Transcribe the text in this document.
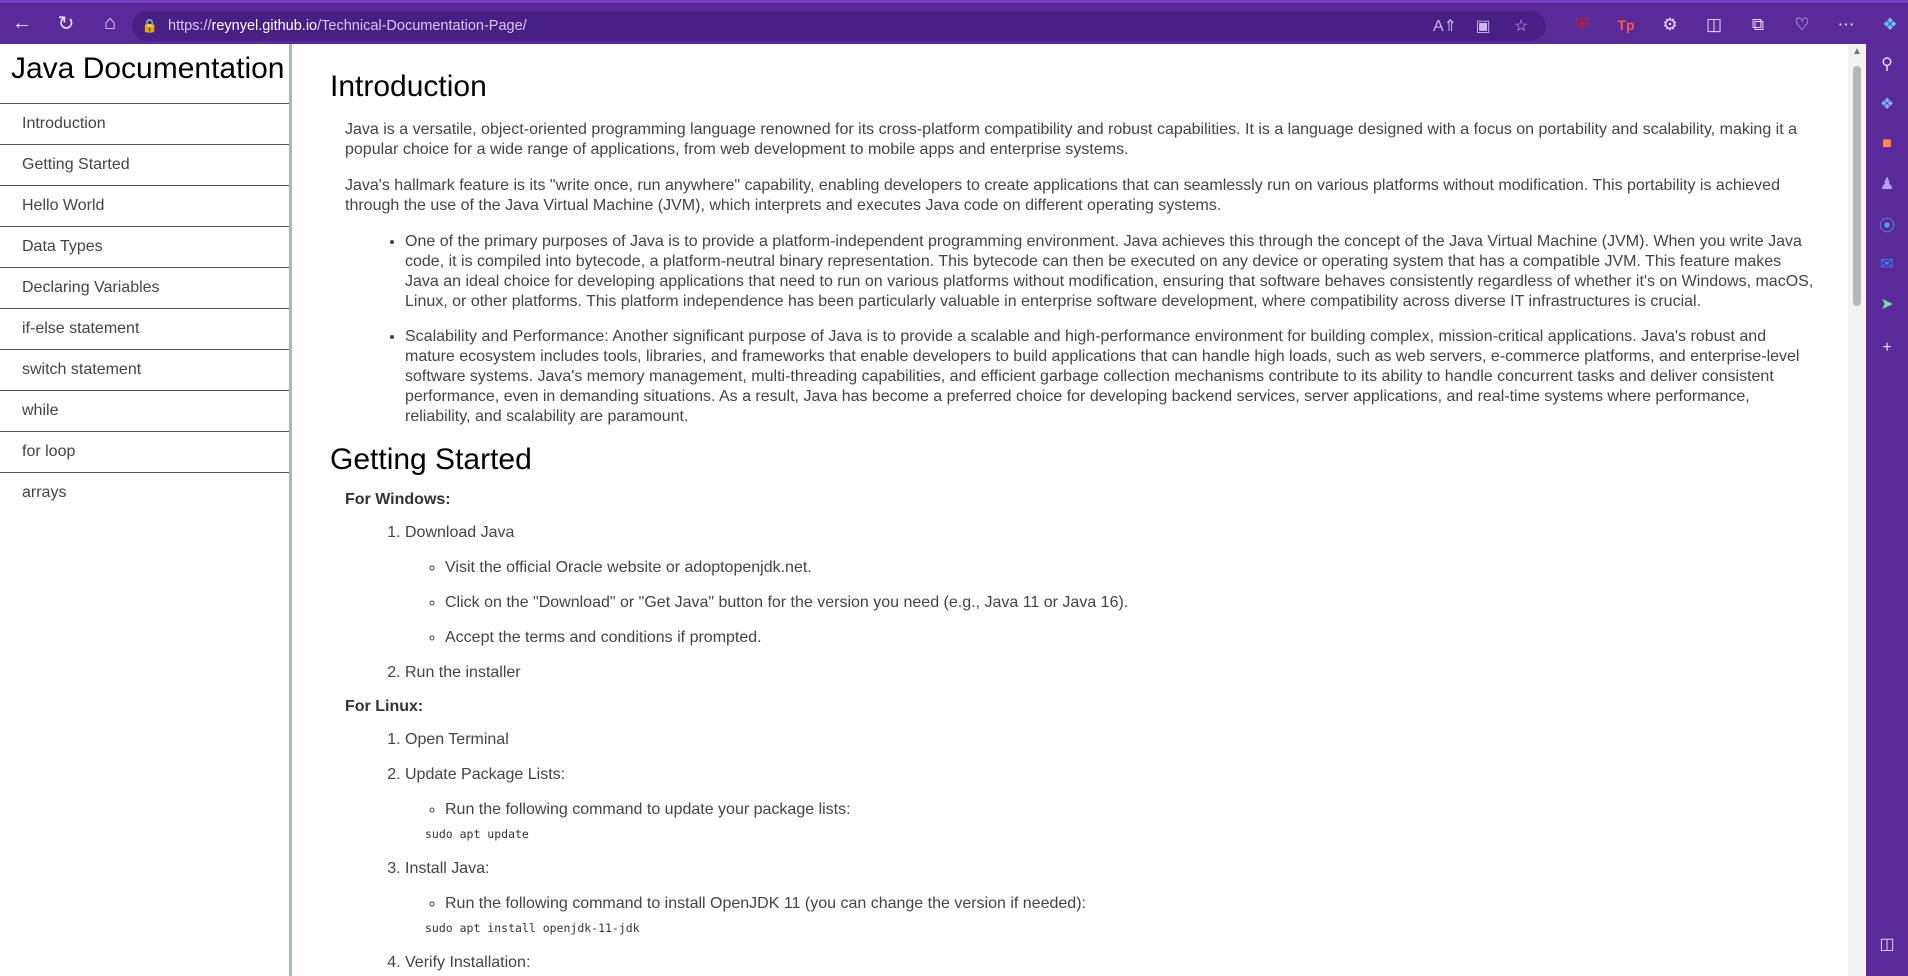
←	↻	⌂	🔒 https://reynyel.github.io/Technical-Documentation-Page/	A⇑	▣	☆	⛨	Tp	⚙	◫	⧉	♡	⋯	❖
Java Documentation
Introduction
Getting Started
Hello World
Data Types
Declaring Variables
if-else statement
switch statement
while
for loop
arrays
Introduction

Java is a versatile, object-oriented programming language renowned for its cross-platform compatibility and robust capabilities. It is a language designed with a focus on portability and scalability, making it a popular choice for a wide range of applications, from web development to mobile apps and enterprise systems.

Java's hallmark feature is its "write once, run anywhere" capability, enabling developers to create applications that can seamlessly run on various platforms without modification. This portability is achieved through the use of the Java Virtual Machine (JVM), which interprets and executes Java code on different operating systems.

• One of the primary purposes of Java is to provide a platform-independent programming environment. Java achieves this through the concept of the Java Virtual Machine (JVM). When you write Java code, it is compiled into bytecode, a platform-neutral binary representation. This bytecode can then be executed on any device or operating system that has a compatible JVM. This feature makes Java an ideal choice for developing applications that need to run on various platforms without modification, ensuring that software behaves consistently regardless of whether it's on Windows, macOS, Linux, or other platforms. This platform independence has been particularly valuable in enterprise software development, where compatibility across diverse IT infrastructures is crucial.
• Scalability and Performance: Another significant purpose of Java is to provide a scalable and high-performance environment for building complex, mission-critical applications. Java's robust and mature ecosystem includes tools, libraries, and frameworks that enable developers to build applications that can handle high loads, such as web servers, e-commerce platforms, and enterprise-level software systems. Java's memory management, multi-threading capabilities, and efficient garbage collection mechanisms contribute to its ability to handle concurrent tasks and deliver consistent performance, even in demanding situations. As a result, Java has become a preferred choice for developing backend services, server applications, and real-time systems where performance, reliability, and scalability are paramount.
Getting Started

For Windows:

1. Download Java
◦ Visit the official Oracle website or adoptopenjdk.net.
◦ Click on the "Download" or "Get Java" button for the version you need (e.g., Java 11 or Java 16).
◦ Accept the terms and conditions if prompted.
2. Run the installer

For Linux:

1. Open Terminal
2. Update Package Lists:
◦ Run the following command to update your package lists:
sudo apt update
3. Install Java:
◦ Run the following command to install OpenJDK 11 (you can change the version if needed):
sudo apt install openjdk-11-jdk
4. Verify Installation:
▲
⚲
❖
■
♟
⦿
✉
➤
+
◫
